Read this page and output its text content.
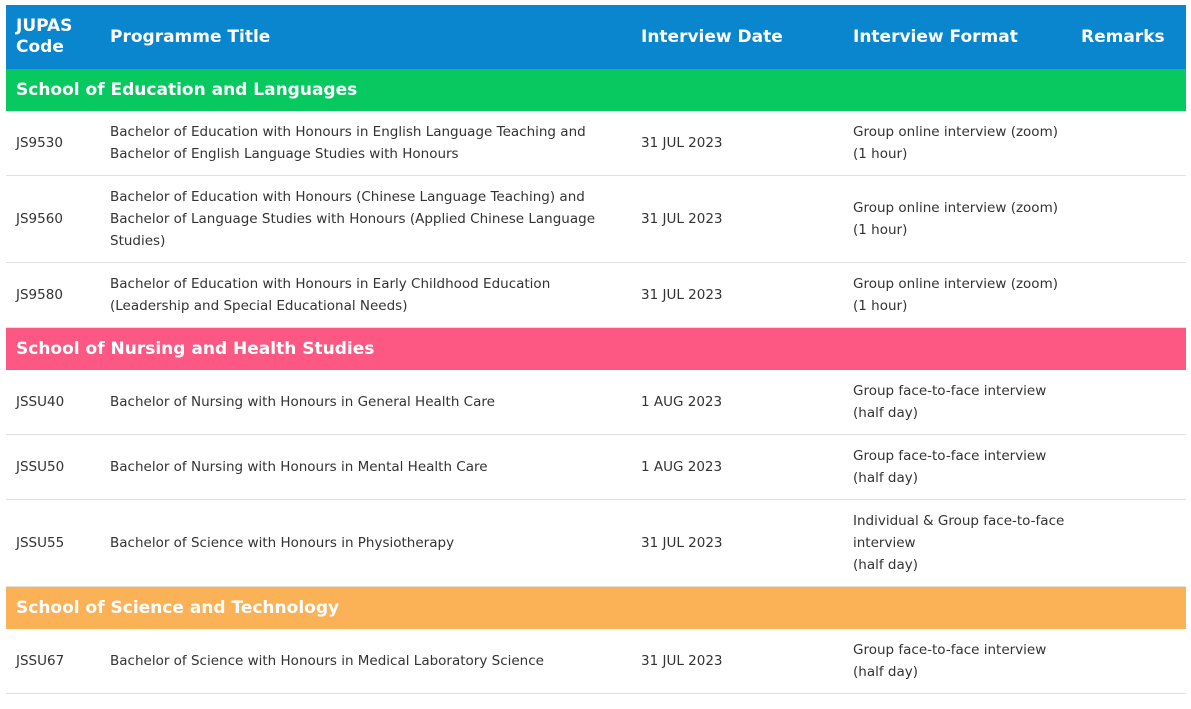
JUPAS Code	Programme Title	Interview Date	Interview Format	Remarks
School of Education and Languages				
JS9530	Bachelor of Education with Honours in English Language Teaching and Bachelor of English Language Studies with Honours	31 JUL 2023	Group online interview (zoom)
(1 hour)	
JS9560	Bachelor of Education with Honours (Chinese Language Teaching) and Bachelor of Language Studies with Honours (Applied Chinese Language Studies)	31 JUL 2023	Group online interview (zoom)
(1 hour)	
JS9580	Bachelor of Education with Honours in Early Childhood Education (Leadership and Special Educational Needs)	31 JUL 2023	Group online interview (zoom)
(1 hour)	
School of Nursing and Health Studies				
JSSU40	Bachelor of Nursing with Honours in General Health Care	1 AUG 2023	Group face-to-face interview
(half day)	
JSSU50	Bachelor of Nursing with Honours in Mental Health Care	1 AUG 2023	Group face-to-face interview
(half day)	
JSSU55	Bachelor of Science with Honours in Physiotherapy	31 JUL 2023	Individual & Group face-to-face interview
(half day)	
School of Science and Technology				
JSSU67	Bachelor of Science with Honours in Medical Laboratory Science	31 JUL 2023	Group face-to-face interview
(half day)	
